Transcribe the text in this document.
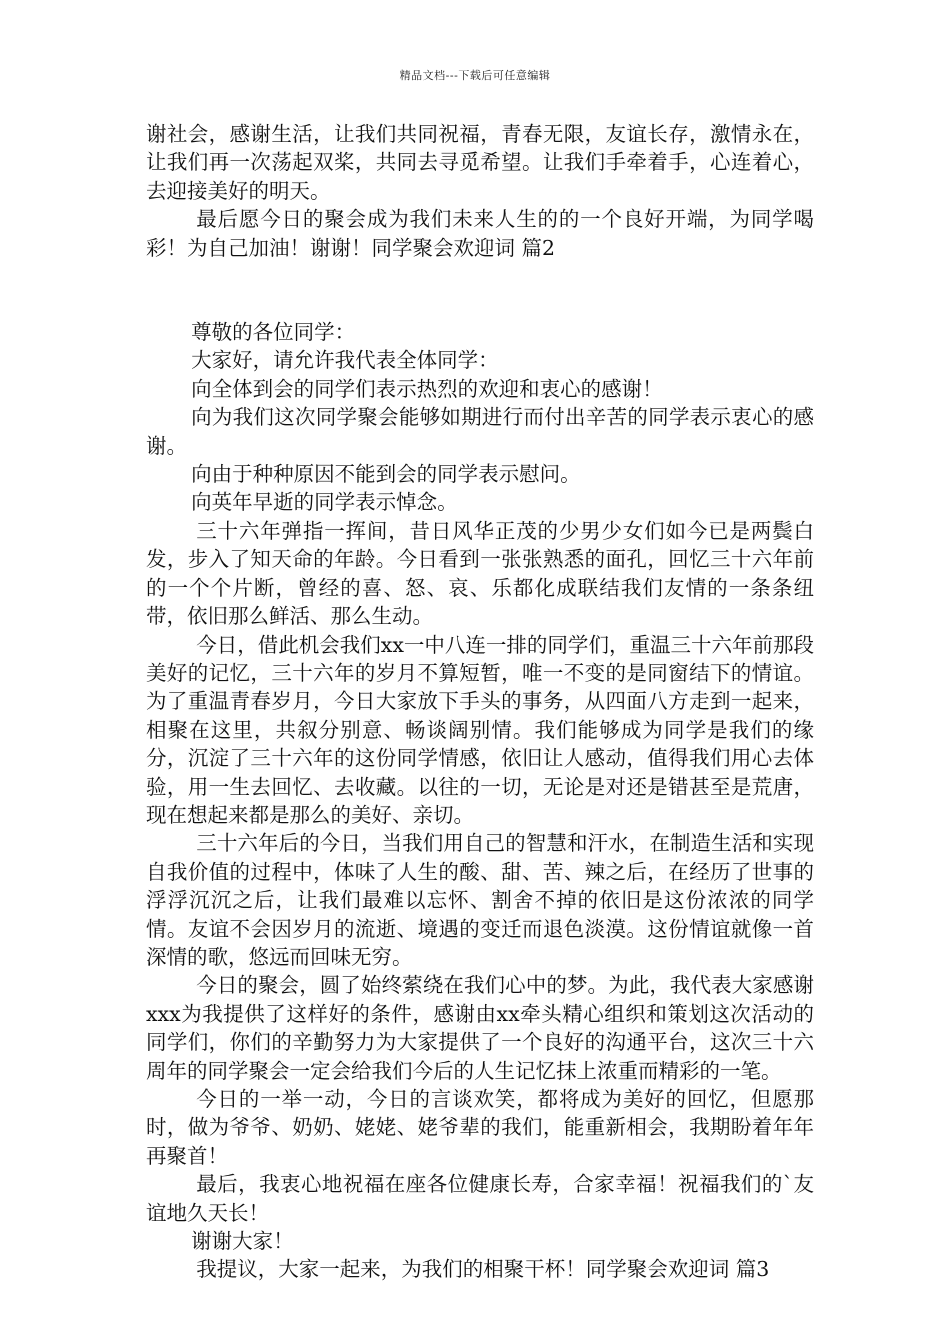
精品文档---下载后可任意编辑

谢社会，感谢生活，让我们共同祝福，青春无限，友谊长存，激情永在，让我们再一次荡起双桨，共同去寻觅希望。让我们手牵着手，心连着心，去迎接美好的明天。

最后愿今日的聚会成为我们未来人生的的一个良好开端，为同学喝彩！为自己加油！谢谢！同学聚会欢迎词 篇2

尊敬的各位同学：

大家好，请允许我代表全体同学：

向全体到会的同学们表示热烈的欢迎和衷心的感谢！

向为我们这次同学聚会能够如期进行而付出辛苦的同学表示衷心的感谢。

向由于种种原因不能到会的同学表示慰问。

向英年早逝的同学表示悼念。

三十六年弹指一挥间，昔日风华正茂的少男少女们如今已是两鬓白发，步入了知天命的年龄。今日看到一张张熟悉的面孔，回忆三十六年前的一个个片断，曾经的喜、怒、哀、乐都化成联结我们友情的一条条纽带，依旧那么鲜活、那么生动。

今日，借此机会我们xx一中八连一排的同学们，重温三十六年前那段美好的记忆，三十六年的岁月不算短暂，唯一不变的是同窗结下的情谊。为了重温青春岁月，今日大家放下手头的事务，从四面八方走到一起来，相聚在这里，共叙分别意、畅谈阔别情。我们能够成为同学是我们的缘分，沉淀了三十六年的这份同学情感，依旧让人感动，值得我们用心去体验，用一生去回忆、去收藏。以往的一切，无论是对还是错甚至是荒唐，现在想起来都是那么的美好、亲切。

三十六年后的今日，当我们用自己的智慧和汗水，在制造生活和实现自我价值的过程中，体味了人生的酸、甜、苦、辣之后，在经历了世事的浮浮沉沉之后，让我们最难以忘怀、割舍不掉的依旧是这份浓浓的同学情。友谊不会因岁月的流逝、境遇的变迁而退色淡漠。这份情谊就像一首深情的歌，悠远而回味无穷。

今日的聚会，圆了始终萦绕在我们心中的梦。为此，我代表大家感谢xxx为我提供了这样好的条件，感谢由xx牵头精心组织和策划这次活动的同学们，你们的辛勤努力为大家提供了一个良好的沟通平台，这次三十六周年的同学聚会一定会给我们今后的人生记忆抹上浓重而精彩的一笔。

今日的一举一动，今日的言谈欢笑，都将成为美好的回忆，但愿那时，做为爷爷、奶奶、姥姥、姥爷辈的我们，能重新相会，我期盼着年年再聚首！

最后，我衷心地祝福在座各位健康长寿，合家幸福！祝福我们的`友谊地久天长！

谢谢大家！

我提议，大家一起来，为我们的相聚干杯！同学聚会欢迎词 篇3
